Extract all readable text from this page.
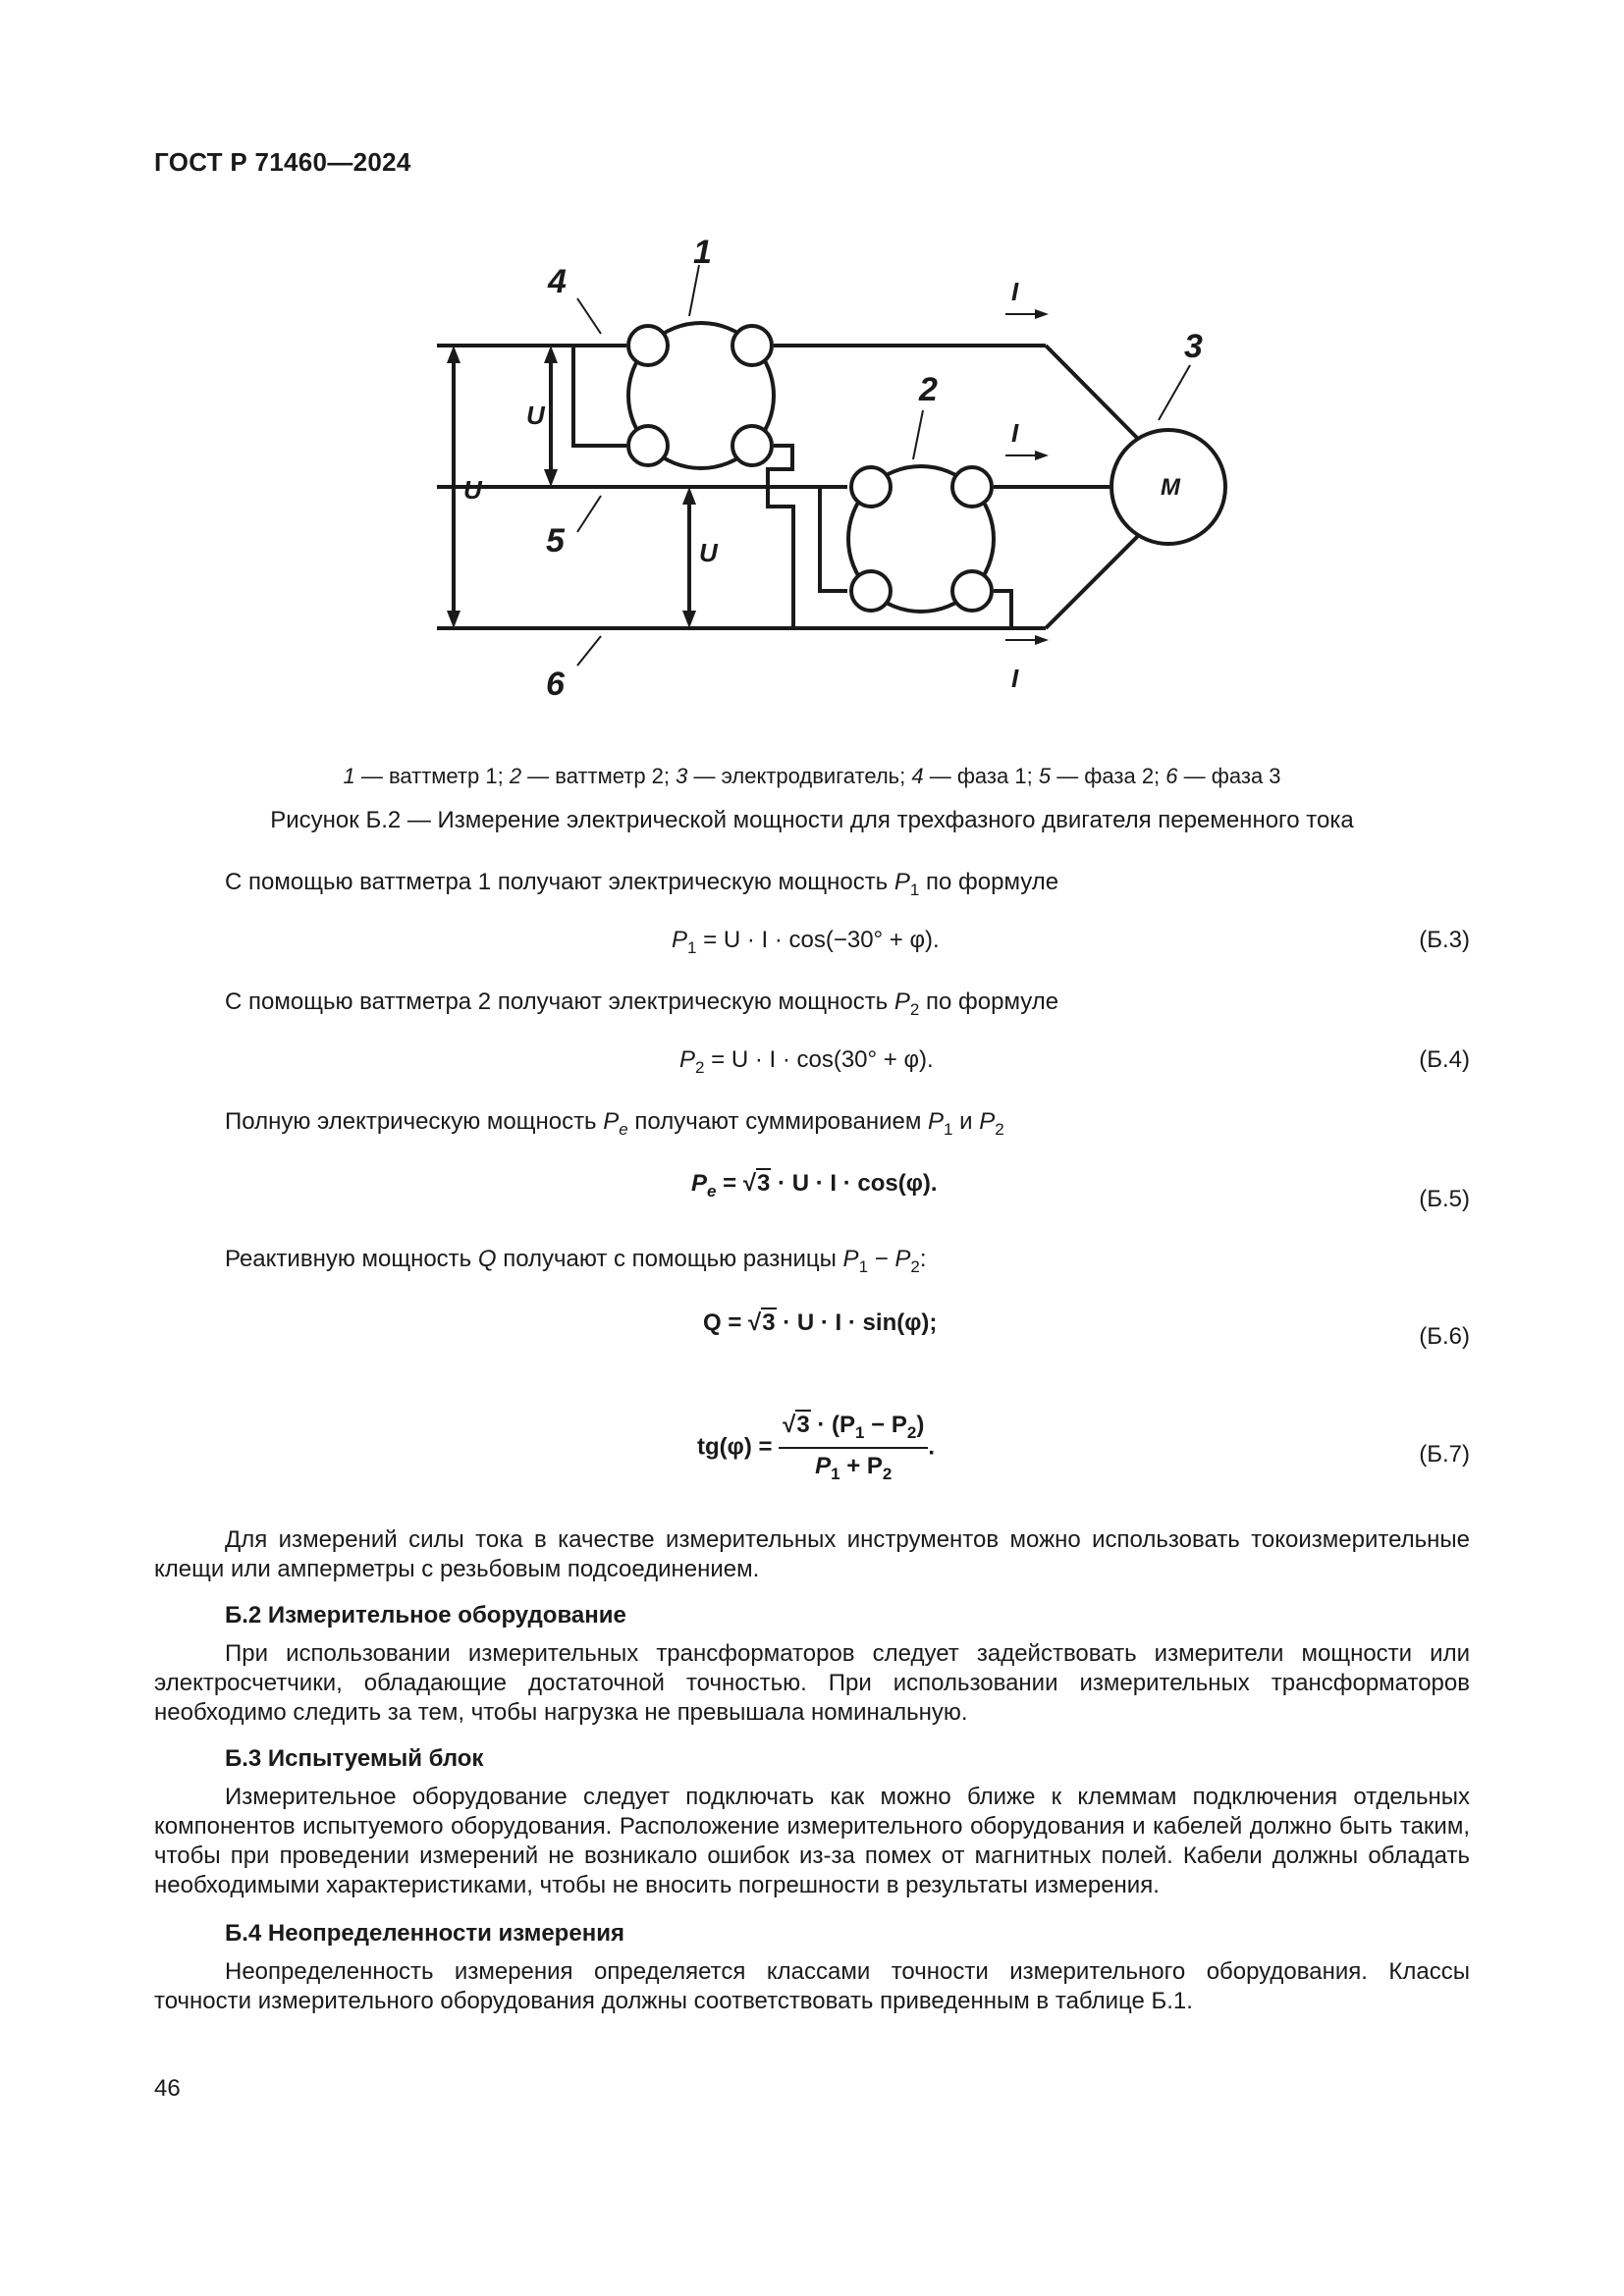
ГОСТ Р 71460—2024
M
I
I
I
U
U
U
1
4
3
2
5
6
1 — ваттметр 1; 2 — ваттметр 2; 3 — электродвигатель; 4 — фаза 1; 5 — фаза 2; 6 — фаза 3
Рисунок Б.2 — Измерение электрической мощности для трехфазного двигателя переменного тока
С помощью ваттметра 1 получают электрическую мощность $P_1$ по формуле
$P_1 = U \cdot I \cdot \cos(-30^\circ + \varphi)$.	(Б.3)
С помощью ваттметра 2 получают электрическую мощность $P_2$ по формуле
$P_2 = U \cdot I \cdot \cos(30^\circ + \varphi)$.	(Б.4)
Полную электрическую мощность $P_e$ получают суммированием $P_1$ и $P_2$
$P_e = √3 \cdot U \cdot I \cdot \cos(\varphi)$.
(Б.5)
Реактивную мощность Q получают с помощью разницы $P_1 - P_2$:
Q = √3 · U · I · sin(φ);
(Б.6)
$tg(\varphi) = \frac{√3 \cdot (P_1 - P_2)}{P_1 + P_2}$ .	(Б.7)
Для измерений силы тока в качестве измерительных инструментов можно использовать токоизмерительные клещи или амперметры с резьбовым подсоединением.
Б.2 Измерительное оборудование
При использовании измерительных трансформаторов следует задействовать измерители мощности или электросчетчики, обладающие достаточной точностью. При использовании измерительных трансформаторов необходимо следить за тем, чтобы нагрузка не превышала номинальную.
Б.3 Испытуемый блок
Измерительное оборудование следует подключать как можно ближе к клеммам подключения отдельных компонентов испытуемого оборудования. Расположение измерительного оборудования и кабелей должно быть таким, чтобы при проведении измерений не возникало ошибок из-за помех от магнитных полей. Кабели должны обладать необходимыми характеристиками, чтобы не вносить погрешности в результаты измерения.
Б.4 Неопределенности измерения
Неопределенность измерения определяется классами точности измерительного оборудования. Классы точности измерительного оборудования должны соответствовать приведенным в таблице Б.1.
46
